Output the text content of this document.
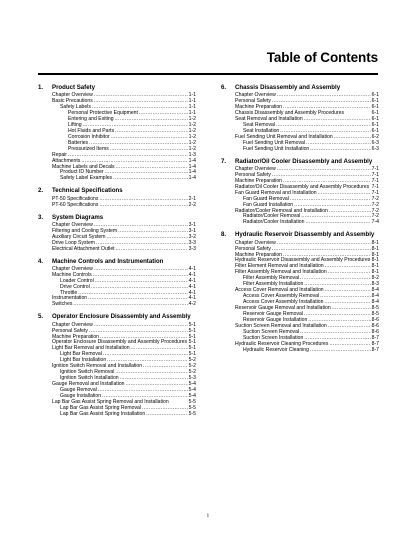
Table of Contents
1. Product Safety
Chapter Overview .....	1-1
Basic Precautions .....	1-1
Safety Labels .....	1-1
Personal Protective Equipment .....	1-1
Entering and Exiting .....	1-2
Lifting .....	1-2
Hot Fluids and Parts .....	1-2
Corrosion Inhibitor .....	1-2
Batteries .....	1-2
Pressurized Items .....	1-2
Repair .....	1-3
Attachments .....	1-4
Machine Labels and Decals .....	1-4
Product ID Number .....	1-4
Safety Label Examples .....	1-4
2. Technical Specifications
PT-50 Specifications .....	2-1
PT-60 Specifications .....	2-2
3. System Diagrams
Chapter Overview .....	3-1
Filtering and Cooling System .....	3-1
Auxiliary Circuit System .....	3-2
Drive Loop System .....	3-3
Electrical Attachment Outlet .....	3-3
4. Machine Controls and Instrumentation
Chapter Overview .....	4-1
Machine Controls .....	4-1
Loader Control .....	4-1
Drive Control .....	4-1
Throttle .....	4-1
Instrumentation .....	4-1
Switches .....	4-2
5. Operator Enclosure Disassembly and Assembly
Chapter Overview .....	5-1
Personal Safety .....	5-1
Machine Preparation .....	5-1
Operator Enclosure Disassembly and Assembly Procedures 5-1
Light Bar Removal and Installation .....	5-1
Light Bar Removal .....	5-1
Light Bar Installation .....	5-2
Ignition Switch Removal and Installation .....	5-2
Ignition Switch Removal .....	5-2
Ignition Switch Installation .....	5-3
Gauge Removal and Installation .....	5-4
Gauge Removal .....	5-4
Gauge Installation .....	5-4
Lap Bar Gas Assist Spring Removal and Installation	5-5
Lap Bar Gas Assist Spring Removal .....	5-5
Lap Bar Gas Assist Spring Installation .....	5-5
6. Chassis Disassembly and Assembly
Chapter Overview .....	6-1
Personal Safety .....	6-1
Machine Preparation .....	6-1
Chassis Disassembly and Assembly Procedures	6-1
Seat Removal and Installation .....	6-1
Seat Removal .....	6-1
Seat Installation .....	6-1
Fuel Sending Unit Removal and Installation .....	6-2
Fuel Sending Unit Removal .....	6-3
Fuel Sending Unit Installation .....	6-3
7. Radiator/Oil Cooler Disassembly and Assembly
Chapter Overview .....	7-1
Personal Safety .....	7-1
Machine Preparation .....	7-1
Radiator/Oil Cooler Disassembly and Assembly Procedures 7-1
Fan Guard Removal and Installation .....	7-1
Fan Guard Removal .....	7-2
Fan Guard Installation .....	7-2
Radiator/Cooler Removal and Installation .....	7-2
Radiator/Cooler Removal .....	7-2
Radiator/Cooler Installation .....	7-4
8. Hydraulic Reservoir Disassembly and Assembly
Chapter Overview .....	8-1
Personal Safety .....	8-1
Machine Preparation .....	8-1
Hydraulic Reservoir Disassembly and Assembly Procedures 8-1
Filter Element Removal and Installation .....	8-1
Filter Assembly Removal and Installation .....	8-1
Filter Assembly Removal .....	8-2
Filter Assembly Installation .....	8-3
Access Cover Removal and Installation .....	8-4
Access Cover Assembly Removal .....	8-4
Access Cover Assembly Installation .....	8-4
Reservoir Gauge Removal and Installation .....	8-5
Reservoir Gauge Removal .....	8-5
Reservoir Gauge Installation .....	8-6
Suction Screen Removal and Installation .....	8-6
Suction Screen Removal .....	8-6
Suction Screen Installation .....	8-7
Hydraulic Reservoir Cleaning Procedures .....	8-7
Hydraulic Reservoir Cleaning .....	8-7
i
